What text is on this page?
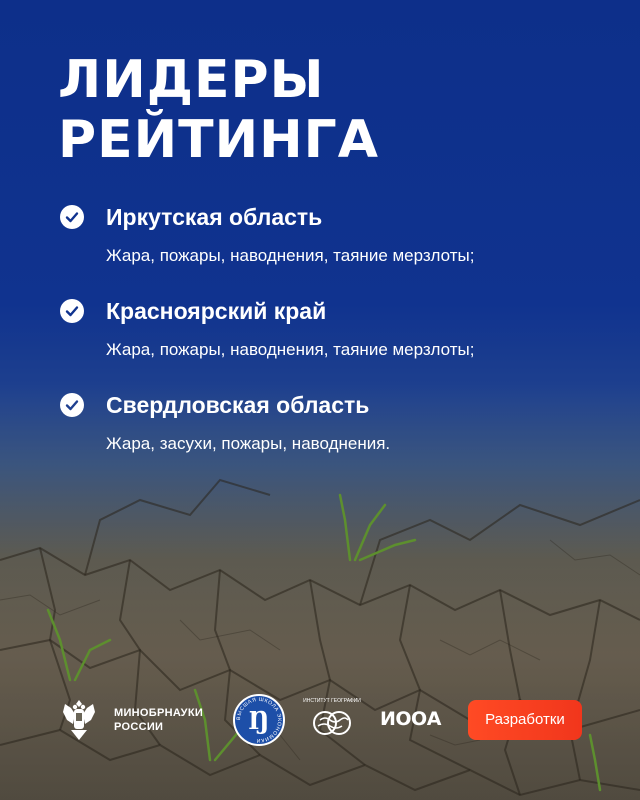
ЛИДЕРЫ
РЕЙТИНГА
Иркутская область
Жара, пожары, наводнения, таяние мерзлоты;
Красноярский край
Жара, пожары, наводнения, таяние мерзлоты;
Свердловская область
Жара, засухи, пожары, наводнения.
МИНОБРНАУКИ
РОССИИ
ВЫСШАЯ ШКОЛА ЭКОНОМИКИ
Ŋ
ИНСТИТУТ ГЕОГРАФИИ
ИООА	Разработки
